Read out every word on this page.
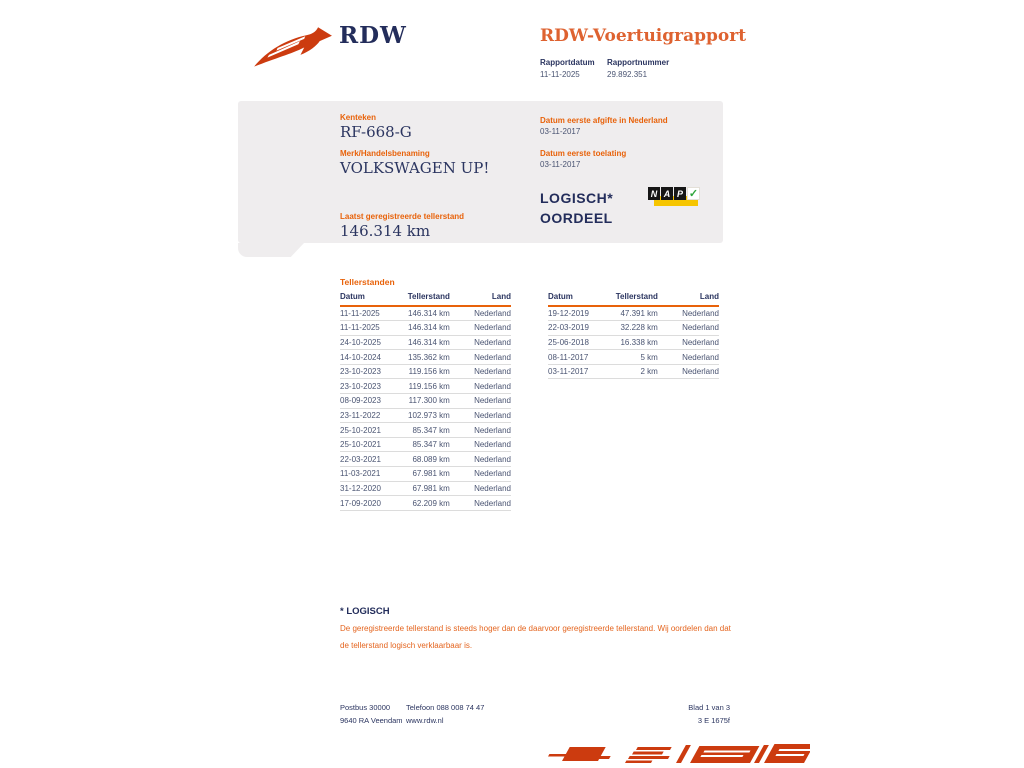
RDW	RDW-Voertuigrapport
Rapportdatum
11-11-2025
Rapportnummer
29.892.351
Kenteken
RF-668-G
Merk/Handelsbenaming
VOLKSWAGEN UP!
Laatst geregistreerde tellerstand
146.314 km
Datum eerste afgifte in Nederland
03-11-2017
Datum eerste toelating
03-11-2017
LOGISCH*
OORDEEL
N A P ✓
Tellerstanden
Datum	Tellerstand	Land
11-11-2025	146.314 km	Nederland
11-11-2025	146.314 km	Nederland
24-10-2025	146.314 km	Nederland
14-10-2024	135.362 km	Nederland
23-10-2023	119.156 km	Nederland
23-10-2023	119.156 km	Nederland
08-09-2023	117.300 km	Nederland
23-11-2022	102.973 km	Nederland
25-10-2021	85.347 km	Nederland
25-10-2021	85.347 km	Nederland
22-03-2021	68.089 km	Nederland
11-03-2021	67.981 km	Nederland
31-12-2020	67.981 km	Nederland
17-09-2020	62.209 km	Nederland
Datum	Tellerstand	Land
19-12-2019	47.391 km	Nederland
22-03-2019	32.228 km	Nederland
25-06-2018	16.338 km	Nederland
08-11-2017	5 km	Nederland
03-11-2017	2 km	Nederland
* LOGISCH
De geregistreerde tellerstand is steeds hoger dan de daarvoor geregistreerde tellerstand. Wij oordelen dan dat de tellerstand logisch verklaarbaar is.
Postbus 30000
9640 RA Veendam
Telefoon 088 008 74 47
www.rdw.nl
Blad 1 van 3
3 E 1675f
